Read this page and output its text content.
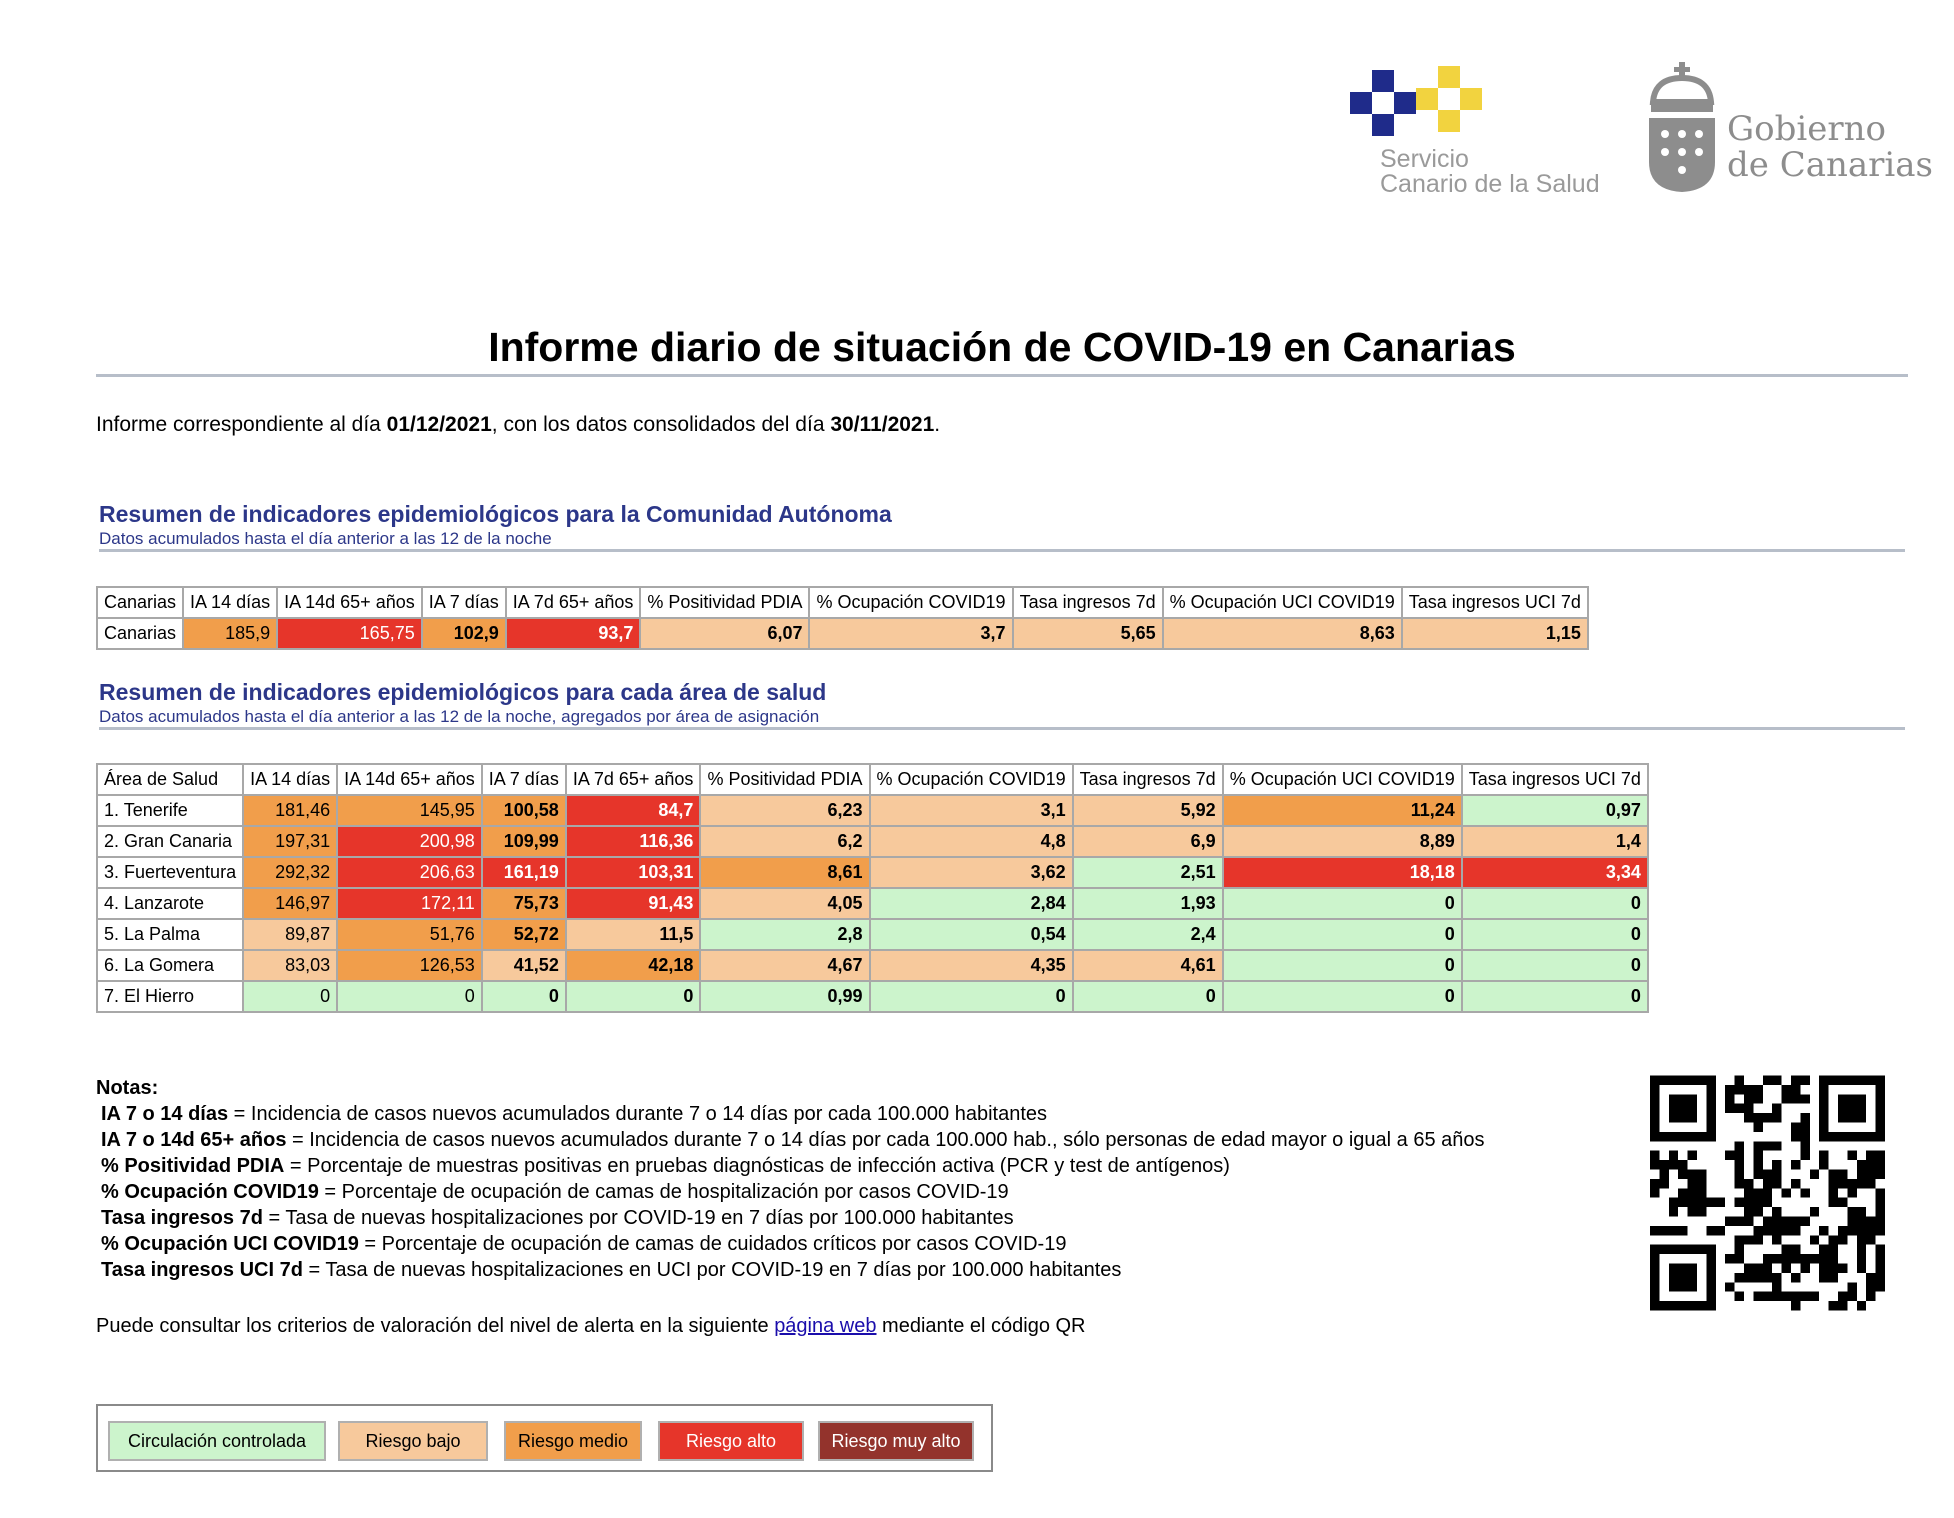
Servicio
Canario de la Salud
Gobierno
de Canarias
Informe diario de situación de COVID-19 en Canarias
Informe correspondiente al día 01/12/2021, con los datos consolidados del día 30/11/2021.
Resumen de indicadores epidemiológicos para la Comunidad Autónoma
Datos acumulados hasta el día anterior a las 12 de la noche
Canarias	IA 14 días	IA 14d 65+ años	IA 7 días	IA 7d 65+ años	% Positividad PDIA	% Ocupación COVID19	Tasa ingresos 7d	% Ocupación UCI COVID19	Tasa ingresos UCI 7d
Canarias	185,9	165,75	102,9	93,7	6,07	3,7	5,65	8,63	1,15
Resumen de indicadores epidemiológicos para cada área de salud
Datos acumulados hasta el día anterior a las 12 de la noche, agregados por área de asignación
Área de Salud	IA 14 días	IA 14d 65+ años	IA 7 días	IA 7d 65+ años	% Positividad PDIA	% Ocupación COVID19	Tasa ingresos 7d	% Ocupación UCI COVID19	Tasa ingresos UCI 7d
1. Tenerife	181,46	145,95	100,58	84,7	6,23	3,1	5,92	11,24	0,97
2. Gran Canaria	197,31	200,98	109,99	116,36	6,2	4,8	6,9	8,89	1,4
3. Fuerteventura	292,32	206,63	161,19	103,31	8,61	3,62	2,51	18,18	3,34
4. Lanzarote	146,97	172,11	75,73	91,43	4,05	2,84	1,93	0	0
5. La Palma	89,87	51,76	52,72	11,5	2,8	0,54	2,4	0	0
6. La Gomera	83,03	126,53	41,52	42,18	4,67	4,35	4,61	0	0
7. El Hierro	0	0	0	0	0,99	0	0	0	0
Notas:
IA 7 o 14 días = Incidencia de casos nuevos acumulados durante 7 o 14 días por cada 100.000 habitantes
IA 7 o 14d 65+ años = Incidencia de casos nuevos acumulados durante 7 o 14 días por cada 100.000 hab., sólo personas de edad mayor o igual a 65 años
% Positividad PDIA = Porcentaje de muestras positivas en pruebas diagnósticas de infección activa (PCR y test de antígenos)
% Ocupación COVID19 = Porcentaje de ocupación de camas de hospitalización por casos COVID-19
Tasa ingresos 7d = Tasa de nuevas hospitalizaciones por COVID-19 en 7 días por 100.000 habitantes
% Ocupación UCI COVID19 = Porcentaje de ocupación de camas de cuidados críticos por casos COVID-19
Tasa ingresos UCI 7d = Tasa de nuevas hospitalizaciones en UCI por COVID-19 en 7 días por 100.000 habitantes
Puede consultar los criterios de valoración del nivel de alerta en la siguiente página web mediante el código QR
Circulación controlada	Riesgo bajo	Riesgo medio	Riesgo alto	Riesgo muy alto
